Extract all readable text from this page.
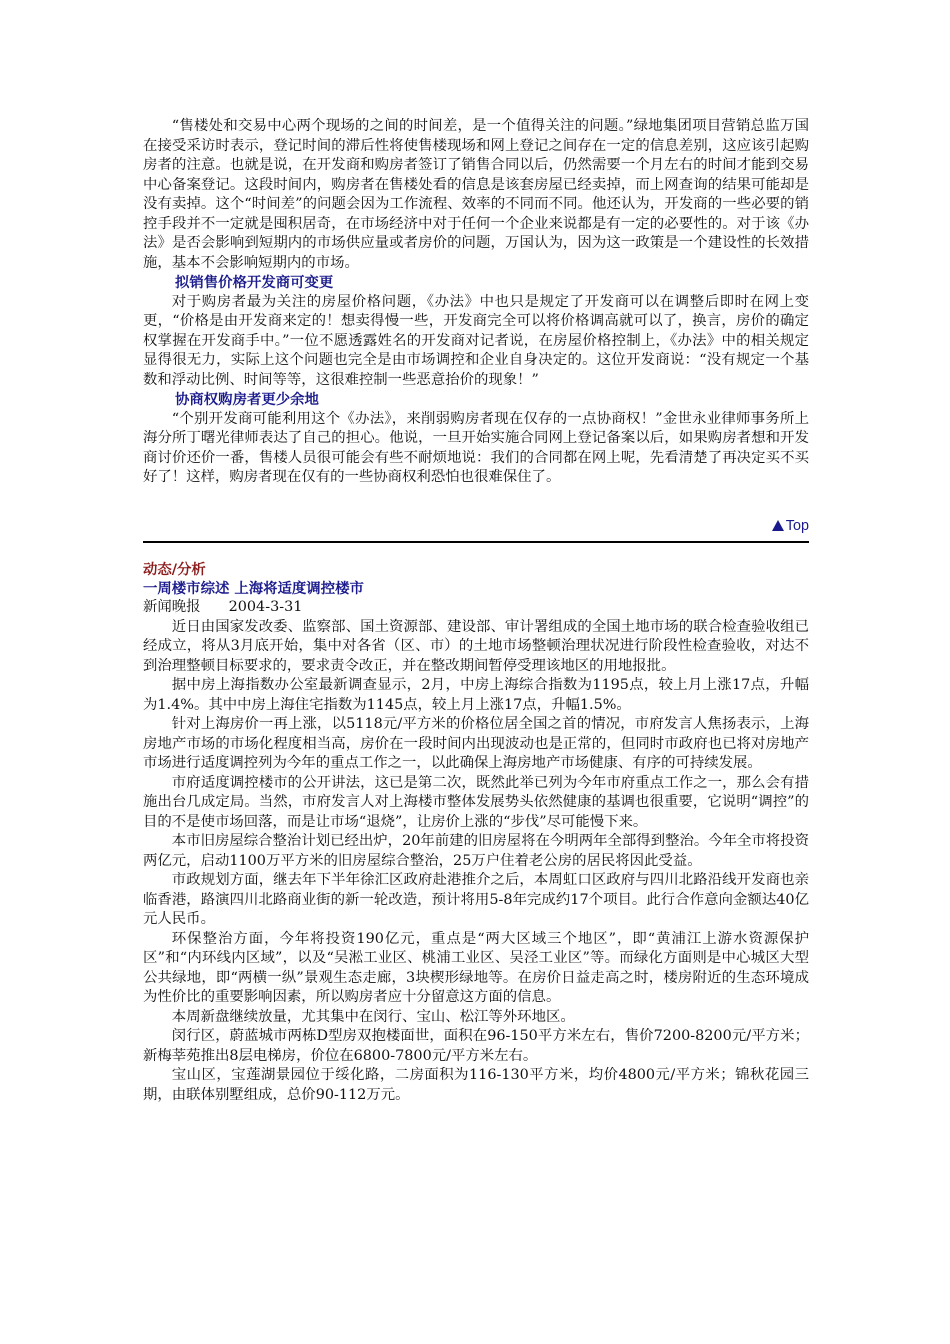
“售楼处和交易中心两个现场的之间的时间差，是一个值得关注的问题。”绿地集团项目营销总监万国在接受采访时表示，登记时间的滞后性将使售楼现场和网上登记之间存在一定的信息差别，这应该引起购房者的注意。也就是说，在开发商和购房者签订了销售合同以后，仍然需要一个月左右的时间才能到交易中心备案登记。这段时间内，购房者在售楼处看的信息是该套房屋已经卖掉，而上网查询的结果可能却是没有卖掉。这个“时间差”的问题会因为工作流程、效率的不同而不同。他还认为，开发商的一些必要的销控手段并不一定就是囤积居奇，在市场经济中对于任何一个企业来说都是有一定的必要性的。对于该《办法》是否会影响到短期内的市场供应量或者房价的问题，万国认为，因为这一政策是一个建设性的长效措施，基本不会影响短期内的市场。

拟销售价格开发商可变更

对于购房者最为关注的房屋价格问题，《办法》中也只是规定了开发商可以在调整后即时在网上变更，“价格是由开发商来定的！想卖得慢一些，开发商完全可以将价格调高就可以了，换言，房价的确定权掌握在开发商手中。”一位不愿透露姓名的开发商对记者说，在房屋价格控制上，《办法》中的相关规定显得很无力，实际上这个问题也完全是由市场调控和企业自身决定的。这位开发商说：“没有规定一个基数和浮动比例、时间等等，这很难控制一些恶意抬价的现象！”

协商权购房者更少余地

“个别开发商可能利用这个《办法》，来削弱购房者现在仅存的一点协商权！”金世永业律师事务所上海分所丁曙光律师表达了自己的担心。他说，一旦开始实施合同网上登记备案以后，如果购房者想和开发商讨价还价一番，售楼人员很可能会有些不耐烦地说：我们的合同都在网上呢，先看清楚了再决定买不买好了！这样，购房者现在仅有的一些协商权利恐怕也很难保住了。

Top

动态/分析

一周楼市综述 上海将适度调控楼市

新闻晚报 2004-3-31

近日由国家发改委、监察部、国土资源部、建设部、审计署组成的全国土地市场的联合检查验收组已经成立，将从3月底开始，集中对各省（区、市）的土地市场整顿治理状况进行阶段性检查验收，对达不到治理整顿目标要求的，要求责令改正，并在整改期间暂停受理该地区的用地报批。

据中房上海指数办公室最新调查显示，2月，中房上海综合指数为1195点，较上月上涨17点，升幅为1.4%。其中中房上海住宅指数为1145点，较上月上涨17点，升幅1.5%。

针对上海房价一再上涨，以5118元/平方米的价格位居全国之首的情况，市府发言人焦扬表示，上海房地产市场的市场化程度相当高，房价在一段时间内出现波动也是正常的，但同时市政府也已将对房地产市场进行适度调控列为今年的重点工作之一，以此确保上海房地产市场健康、有序的可持续发展。

市府适度调控楼市的公开讲法，这已是第二次，既然此举已列为今年市府重点工作之一，那么会有措施出台几成定局。当然，市府发言人对上海楼市整体发展势头依然健康的基调也很重要，它说明“调控”的目的不是使市场回落，而是让市场“退烧”，让房价上涨的“步伐”尽可能慢下来。

本市旧房屋综合整治计划已经出炉，20年前建的旧房屋将在今明两年全部得到整治。今年全市将投资两亿元，启动1100万平方米的旧房屋综合整治，25万户住着老公房的居民将因此受益。

市政规划方面，继去年下半年徐汇区政府赴港推介之后，本周虹口区政府与四川北路沿线开发商也亲临香港，路演四川北路商业街的新一轮改造，预计将用5-8年完成约17个项目。此行合作意向金额达40亿元人民币。

环保整治方面，今年将投资190亿元，重点是“两大区域三个地区”，即“黄浦江上游水资源保护区”和“内环线内区域”，以及“吴淞工业区、桃浦工业区、吴泾工业区”等。而绿化方面则是中心城区大型公共绿地，即“两横一纵”景观生态走廊，3块楔形绿地等。在房价日益走高之时，楼房附近的生态环境成为性价比的重要影响因素，所以购房者应十分留意这方面的信息。

本周新盘继续放量，尤其集中在闵行、宝山、松江等外环地区。

闵行区，蔚蓝城市两栋D型房双抱楼面世，面积在96-150平方米左右，售价7200-8200元/平方米；新梅莘苑推出8层电梯房，价位在6800-7800元/平方米左右。

宝山区，宝莲湖景园位于绥化路，二房面积为116-130平方米，均价4800元/平方米；锦秋花园三期，由联体别墅组成，总价90-112万元。
